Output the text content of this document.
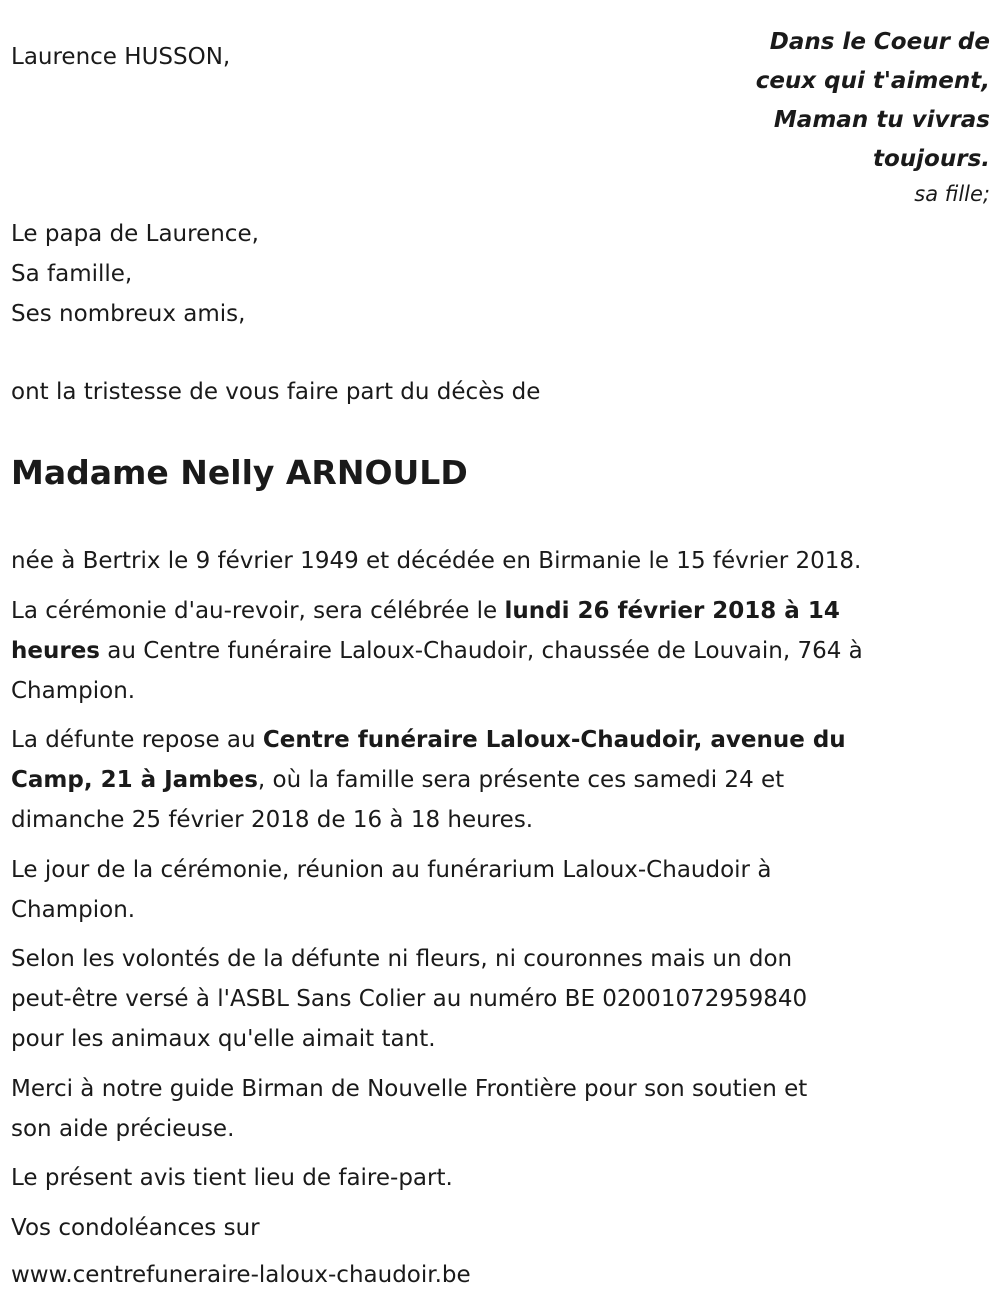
Laurence HUSSON,
Dans le Coeur de
ceux qui t'aiment,
Maman tu vivras
toujours.
sa fille;
Le papa de Laurence,
Sa famille,
Ses nombreux amis,
ont la tristesse de vous faire part du décès de
Madame Nelly ARNOULD

née à Bertrix le 9 février 1949 et décédée en Birmanie le 15 février 2018.

La cérémonie d'au-revoir, sera célébrée le lundi 26 février 2018 à 14
heures au Centre funéraire Laloux-Chaudoir, chaussée de Louvain, 764 à
Champion.

La défunte repose au Centre funéraire Laloux-Chaudoir, avenue du
Camp, 21 à Jambes, où la famille sera présente ces samedi 24 et
dimanche 25 février 2018 de 16 à 18 heures.

Le jour de la cérémonie, réunion au funérarium Laloux-Chaudoir à
Champion.

Selon les volontés de la défunte ni fleurs, ni couronnes mais un don
peut-être versé à l'ASBL Sans Colier au numéro BE 02001072959840
pour les animaux qu'elle aimait tant.

Merci à notre guide Birman de Nouvelle Frontière pour son soutien et
son aide précieuse.

Le présent avis tient lieu de faire-part.

Vos condoléances sur

www.centrefuneraire-laloux-chaudoir.be
